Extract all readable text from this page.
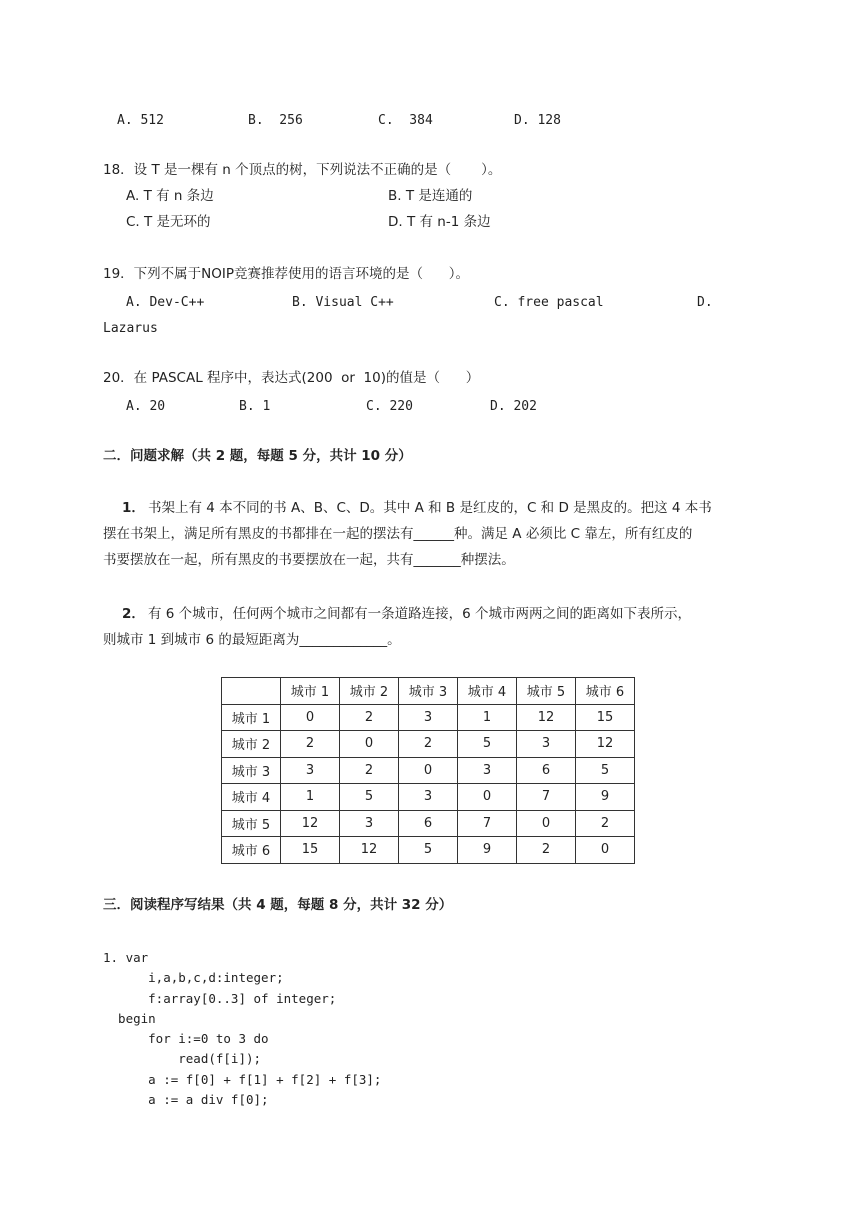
A. 512	B.  256	C.  384	D. 128
18．设 T 是一棵有 n 个顶点的树，下列说法不正确的是（       ）。
A. T 有 n 条边	B. T 是连通的
C. T 是无环的	D. T 有 n-1 条边
19．下列不属于NOIP竞赛推荐使用的语言环境的是（      ）。
A. Dev-C++	B. Visual C++	C. free pascal	D.
Lazarus
20．在 PASCAL 程序中，表达式(200  or  10)的值是（      ）
A. 20	B. 1	C. 220	D. 202
二．问题求解（共 2 题，每题 5 分，共计 10 分）
1． 书架上有 4 本不同的书 A、B、C、D。其中 A 和 B 是红皮的，C 和 D 是黑皮的。把这 4 本书
摆在书架上，满足所有黑皮的书都排在一起的摆法有______种。满足 A 必须比 C 靠左，所有红皮的
书要摆放在一起，所有黑皮的书要摆放在一起，共有_______种摆法。
2． 有 6 个城市，任何两个城市之间都有一条道路连接，6 个城市两两之间的距离如下表所示，
则城市 1 到城市 6 的最短距离为_____________。
	城市 1	城市 2	城市 3	城市 4	城市 5	城市 6
城市 1	0	2	3	1	12	15
城市 2	2	0	2	5	3	12
城市 3	3	2	0	3	6	5
城市 4	1	5	3	0	7	9
城市 5	12	3	6	7	0	2
城市 6	15	12	5	9	2	0
三．阅读程序写结果（共 4 题，每题 8 分，共计 32 分）
1. var
i,a,b,c,d:integer;
f:array[0..3] of integer;
begin
for i:=0 to 3 do
read(f[i]);
a := f[0] + f[1] + f[2] + f[3];
a := a div f[0];
